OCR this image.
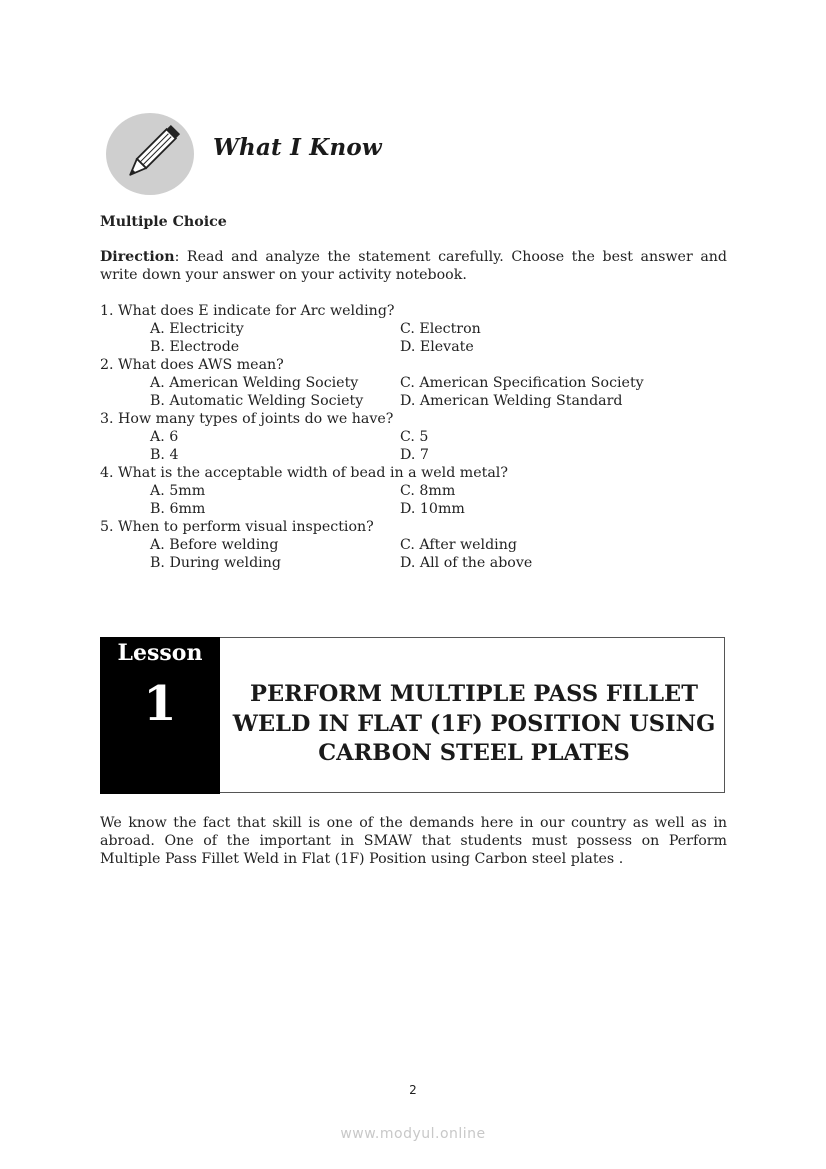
What I Know
Multiple Choice
Direction: Read and analyze the statement carefully. Choose the best answer and write down your answer on your activity notebook.
1. What does E indicate for Arc welding?
A. Electricity	C. Electron
B. Electrode	D. Elevate
2. What does AWS mean?
A. American Welding Society	C. American Specification Society
B. Automatic Welding Society	D. American Welding Standard
3. How many types of joints do we have?
A. 6	C. 5
B. 4	D. 7
4. What is the acceptable width of bead in a weld metal?
A. 5mm	C. 8mm
B. 6mm	D. 10mm
5. When to perform visual inspection?
A. Before welding	C. After welding
B. During welding	D. All of the above
Lesson
1	PERFORM MULTIPLE PASS FILLET
WELD IN FLAT (1F) POSITION USING
CARBON STEEL PLATES
We know the fact that skill is one of the demands here in our country as well as in abroad. One of the important in SMAW that students must possess on Perform Multiple Pass Fillet Weld in Flat (1F) Position using Carbon steel plates .
2
www.modyul.online
